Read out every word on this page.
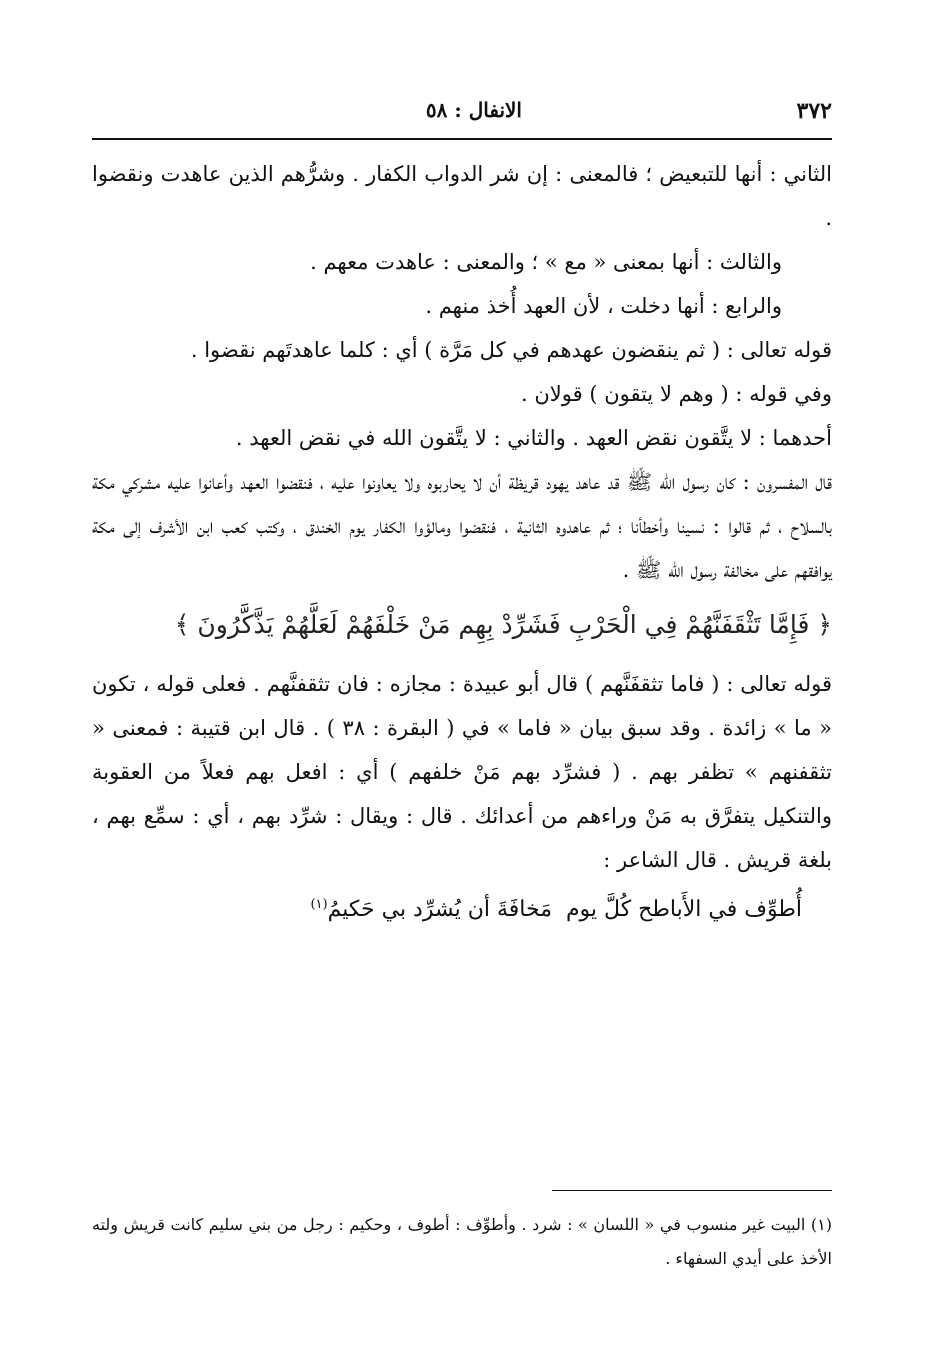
٣٧٢
الانفال : ٥٨

الثاني : أنها للتبعيض ؛ فالمعنى : إن شر الدواب الكفار . وشرُّهم الذين عاهدت ونقضوا .

والثالث : أنها بمعنى « مع » ؛ والمعنى : عاهدت معهم .

والرابع : أنها دخلت ، لأن العهد أُخذ منهم .

قوله تعالى : ( ثم ينقضون عهدهم في كل مَرَّة ) أي : كلما عاهدتَهم نقضوا .

وفي قوله : ( وهم لا يتقون ) قولان .

أحدهما : لا يتَّقون نقض العهد . والثاني : لا يتَّقون الله في نقض العهد .

قال المفسرون : كان رسول الله ﷺ قد عاهد يهود قريظة أن لا يحاربوه ولا يعاونوا عليه ، فنقضوا العهد وأعانوا عليه مشركي مكة بالسلاح ، ثم قالوا : نسينا وأخطأنا ؛ ثم عاهدوه الثانية ، فنقضوا ومالؤوا الكفار يوم الخندق ، وكتب كعب ابن الأشرف إلى مكة يوافقهم على مخالفة رسول الله ﷺ .

﴿ فَإِمَّا تَثْقَفَنَّهُمْ فِي الْحَرْبِ فَشَرِّدْ بِهِم مَنْ خَلْفَهُمْ لَعَلَّهُمْ يَذَّكَّرُونَ ﴾

قوله تعالى : ( فاما تثقفَنَّهم ) قال أبو عبيدة : مجازه : فان تثقفنَّهم . فعلى قوله ، تكون « ما » زائدة . وقد سبق بيان « فاما » في ( البقرة : ٣٨ ) . قال ابن قتيبة : فمعنى « تثقفنهم » تظفر بهم . ( فشرِّد بهم مَنْ خلفهم ) أي : افعل بهم فعلاً من العقوبة والتنكيل يتفرَّق به مَنْ وراءهم من أعدائك . قال : ويقال : شرِّد بهم ، أي : سمِّع بهم ، بلغة قريش . قال الشاعر :

أُطوِّف في الأَباطح كُلَّ يوممَخافَةَ أن يُشرِّد بي حَكيمُ$^{(١)}$

(١) البيت غير منسوب في « اللسان » : شرد . وأطوِّف : أطوف ، وحكيم : رجل من بني سليم كانت قريش ولته الأخذ على أيدي السفهاء .
